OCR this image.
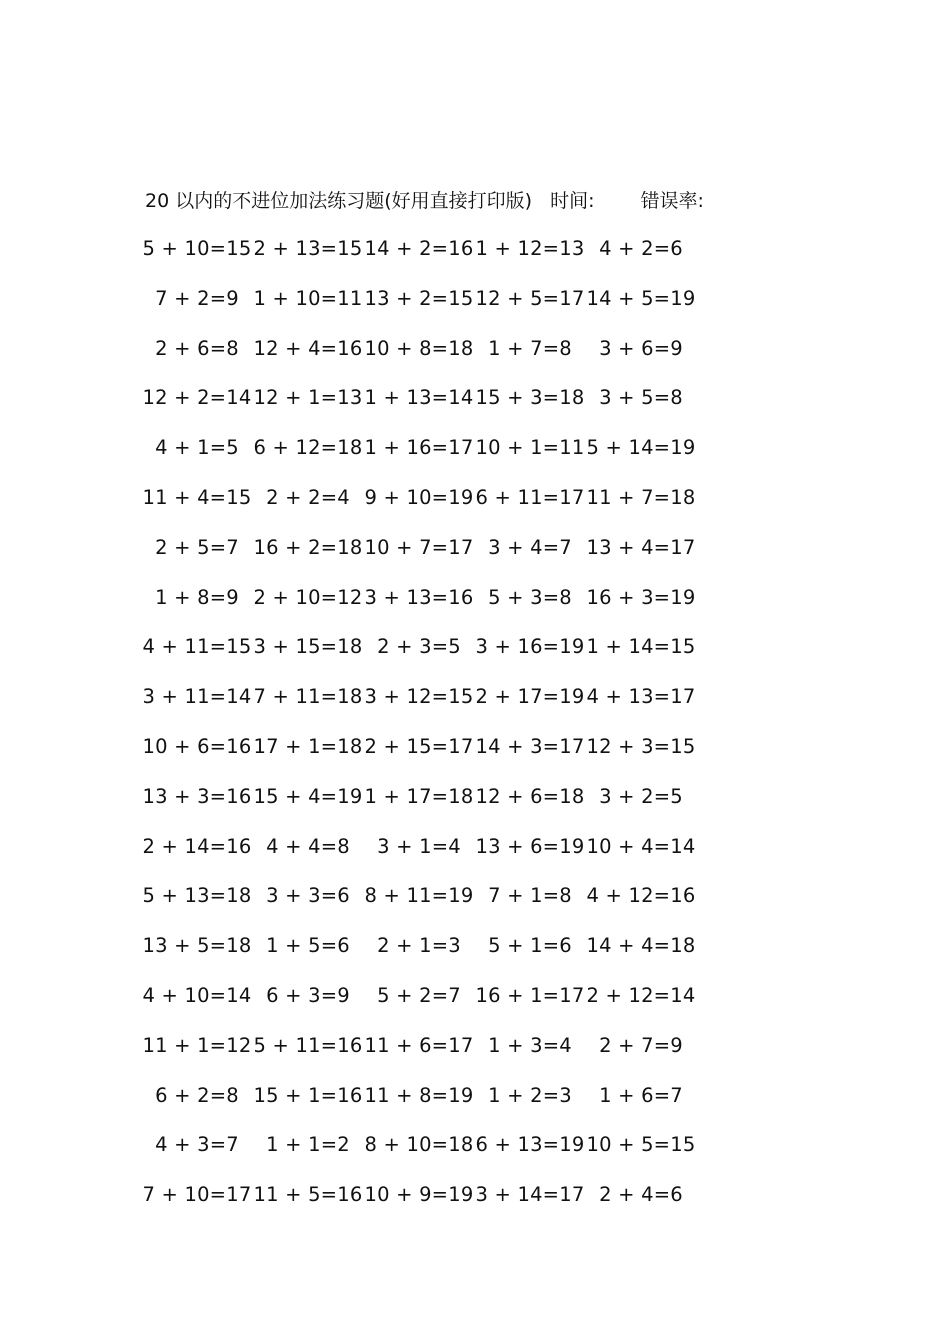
20 以内的不进位加法练习题(好用直接打印版) 时间: 错误率:
5 + 10=15 2 + 13=15 14 + 2=16 1 + 12=13 4 + 2=6
7 + 2=9 1 + 10=11 13 + 2=15 12 + 5=17 14 + 5=19
2 + 6=8 12 + 4=16 10 + 8=18 1 + 7=8	3 + 6=9
12 + 2=14 12 + 1=13 1 + 13=14 15 + 3=18 3 + 5=8
4 + 1=5 6 + 12=18 1 + 16=17 10 + 1=11 5 + 14=19
11 + 4=15 2 + 2=4 9 + 10=19 6 + 11=17 11 + 7=18
2 + 5=7 16 + 2=18 10 + 7=17 3 + 4=7 13 + 4=17
1 + 8=9 2 + 10=12 3 + 13=16 5 + 3=8 16 + 3=19
4 + 11=15 3 + 15=18 2 + 3=5 3 + 16=19 1 + 14=15
3 + 11=14 7 + 11=18 3 + 12=15 2 + 17=19 4 + 13=17
10 + 6=16 17 + 1=18 2 + 15=17 14 + 3=17 12 + 3=15
13 + 3=16 15 + 4=19 1 + 17=18 12 + 6=18 3 + 2=5
2 + 14=16 4 + 4=8	3 + 1=4 13 + 6=19 10 + 4=14
5 + 13=18 3 + 3=6 8 + 11=19 7 + 1=8 4 + 12=16
13 + 5=18 1 + 5=6	2 + 1=3	5 + 1=6 14 + 4=18
4 + 10=14 6 + 3=9	5 + 2=7 16 + 1=17 2 + 12=14
11 + 1=12 5 + 11=16 11 + 6=17 1 + 3=4	2 + 7=9
6 + 2=8 15 + 1=16 11 + 8=19 1 + 2=3	1 + 6=7
4 + 3=7	1 + 1=2 8 + 10=18 6 + 13=19 10 + 5=15
7 + 10=17 11 + 5=16 10 + 9=19 3 + 14=17 2 + 4=6
